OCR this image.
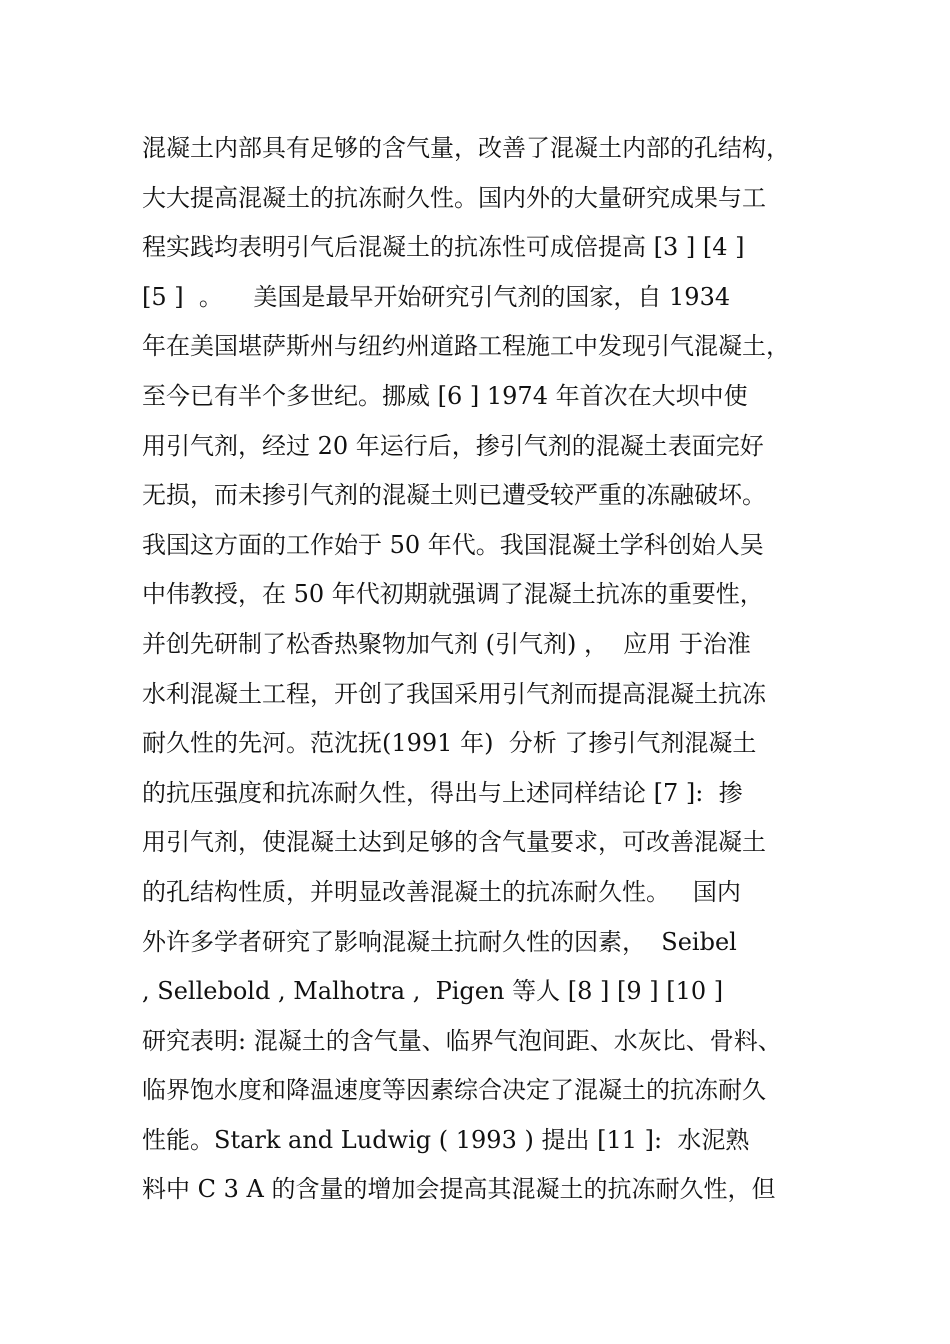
混凝土内部具有足够的含气量，改善了混凝土内部的孔结构，
大大提高混凝土的抗冻耐久性。国内外的大量研究成果与工
程实践均表明引气后混凝土的抗冻性可成倍提高 [3 ] [4 ]
[5 ]  。    美国是最早开始研究引气剂的国家，自 1934
年在美国堪萨斯州与纽约州道路工程施工中发现引气混凝土，
至今已有半个多世纪。挪威 [6 ] 1974 年首次在大坝中使
用引气剂，经过 20 年运行后，掺引气剂的混凝土表面完好
无损，而未掺引气剂的混凝土则已遭受较严重的冻融破坏。
我国这方面的工作始于 50 年代。我国混凝土学科创始人吴
中伟教授，在 50 年代初期就强调了混凝土抗冻的重要性，
并创先研制了松香热聚物加气剂 (引气剂) ，  应用 于治淮
水利混凝土工程，开创了我国采用引气剂而提高混凝土抗冻
耐久性的先河。范沈抚(1991 年)  分析 了掺引气剂混凝土
的抗压强度和抗冻耐久性，得出与上述同样结论 [7 ]:  掺
用引气剂，使混凝土达到足够的含气量要求，可改善混凝土
的孔结构性质，并明显改善混凝土的抗冻耐久性。   国内
外许多学者研究了影响混凝土抗耐久性的因素，  Seibel
, Sellebold , Malhotra ,  Pigen 等人 [8 ] [9 ] [10 ]
研究表明: 混凝土的含气量、临界气泡间距、水灰比、骨料、
临界饱水度和降温速度等因素综合决定了混凝土的抗冻耐久
性能。Stark and Ludwig ( 1993 ) 提出 [11 ]:  水泥熟
料中 C 3 A 的含量的增加会提高其混凝土的抗冻耐久性，但
